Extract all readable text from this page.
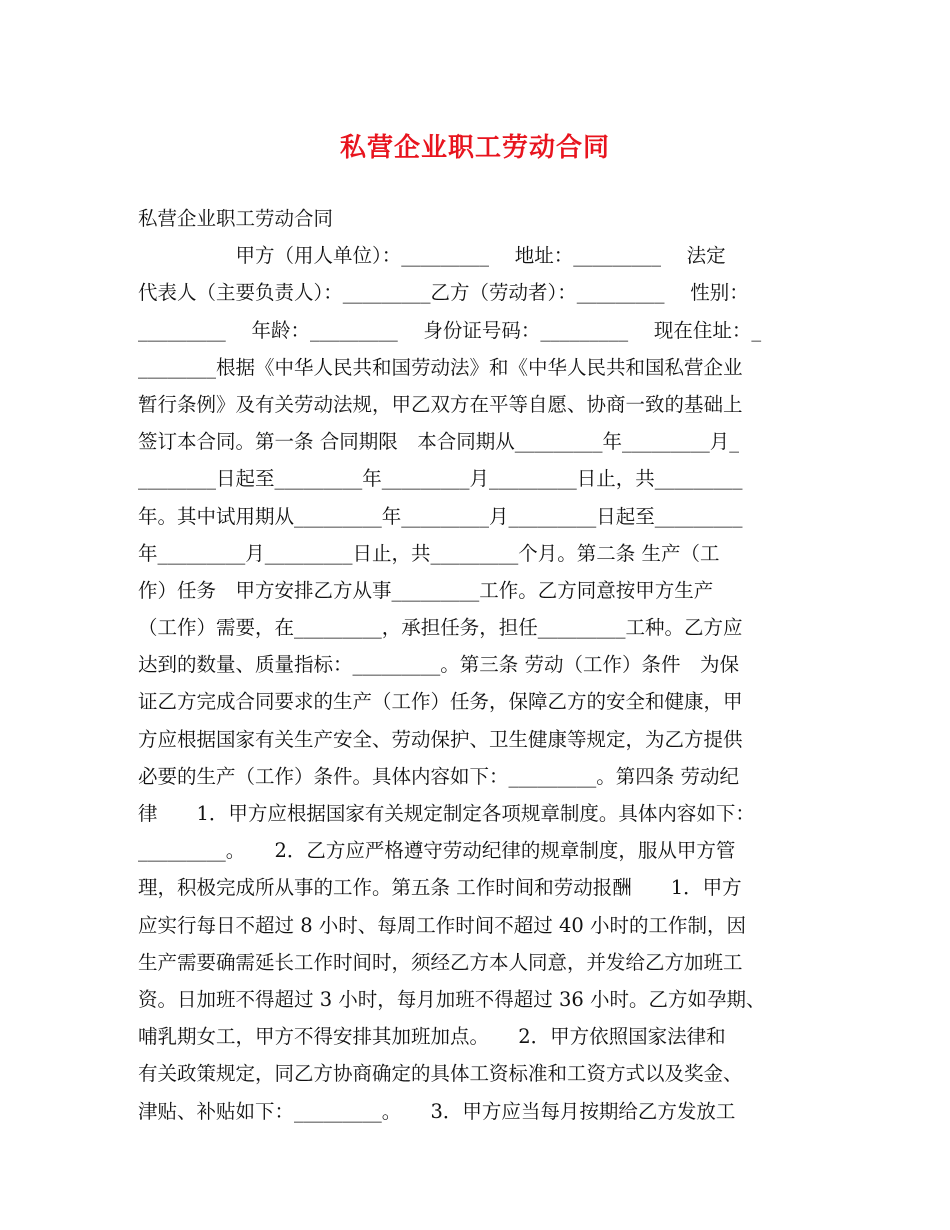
私营企业职工劳动合同
私营企业职工劳动合同
　　　　　甲方（用人单位）：_________　 地址：_________　 法定
代表人（主要负责人）：_________乙方（劳动者）：_________　 性别：
_________　 年龄：_________　 身份证号码：_________　 现在住址：_
________根据《中华人民共和国劳动法》和《中华人民共和国私营企业
暂行条例》及有关劳动法规，甲乙双方在平等自愿、协商一致的基础上
签订本合同。第一条 合同期限　本合同期从_________年_________月_
________日起至_________年_________月_________日止，共_________
年。其中试用期从_________年_________月_________日起至_________
年_________月_________日止，共_________个月。第二条 生产（工
作）任务　甲方安排乙方从事_________工作。乙方同意按甲方生产
（工作）需要，在_________，承担任务，担任_________工种。乙方应
达到的数量、质量指标：_________。第三条 劳动（工作）条件　为保
证乙方完成合同要求的生产（工作）任务，保障乙方的安全和健康，甲
方应根据国家有关生产安全、劳动保护、卫生健康等规定，为乙方提供
必要的生产（工作）条件。具体内容如下：_________。第四条 劳动纪
律　　1．甲方应根据国家有关规定制定各项规章制度。具体内容如下：
_________。　　2．乙方应严格遵守劳动纪律的规章制度，服从甲方管
理，积极完成所从事的工作。第五条 工作时间和劳动报酬　　1．甲方
应实行每日不超过 8 小时、每周工作时间不超过 40 小时的工作制，因
生产需要确需延长工作时间时，须经乙方本人同意，并发给乙方加班工
资。日加班不得超过 3 小时，每月加班不得超过 36 小时。乙方如孕期、
哺乳期女工，甲方不得安排其加班加点。　　2．甲方依照国家法律和
有关政策规定，同乙方协商确定的具体工资标准和工资方式以及奖金、
津贴、补贴如下：_________。　　3．甲方应当每月按期给乙方发放工
